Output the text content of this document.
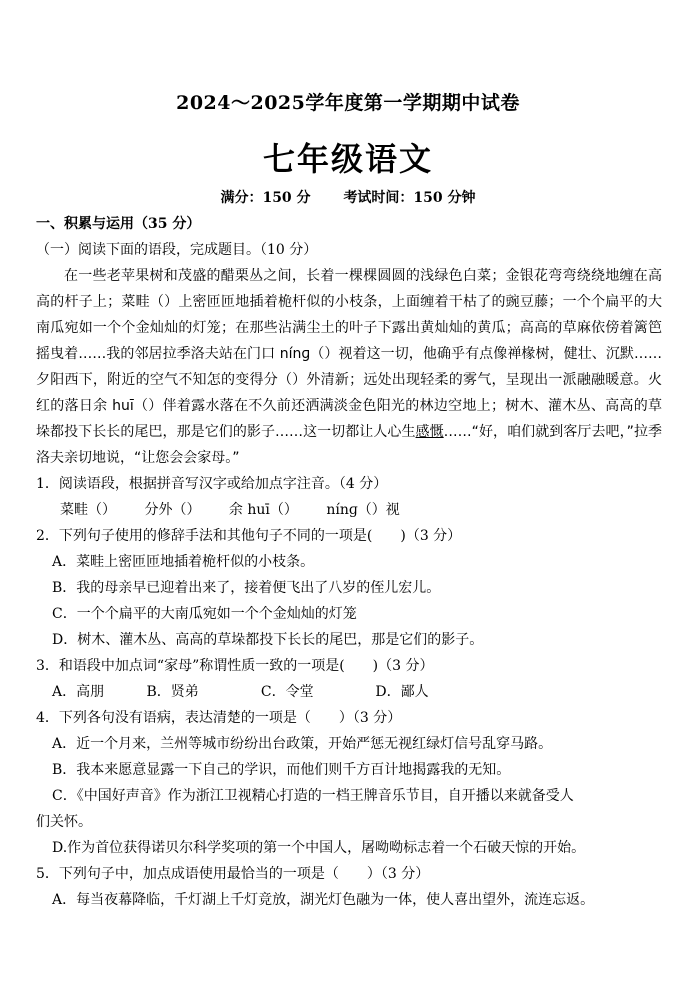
2024～2025学年度第一学期期中试卷
七年级语文
满分：150 分 考试时间：150 分钟

一、积累与运用（35 分）

（一）阅读下面的语段，完成题目。（10 分）

在一些老苹果树和茂盛的醋栗丛之间，长着一棵棵圆圆的浅绿色白菜；金银花弯弯绕绕地缠在高高的杆子上；菜畦（）上密匝匝地插着桅杆似的小枝条，上面缠着干枯了的豌豆藤；一个个扁平的大南瓜宛如一个个金灿灿的灯笼；在那些沾满尘土的叶子下露出黄灿灿的黄瓜；高高的草麻依傍着篱笆摇曳着……我的邻居拉季洛夫站在门口 nínɡ（）视着这一切，他确乎有点像禅椽树，健壮、沉默……夕阳西下，附近的空气不知怎的变得分（）外清新；远处出现轻柔的雾气，呈现出一派融融暖意。火红的落日余 huī（）伴着露水落在不久前还洒满淡金色阳光的林边空地上；树木、灌木丛、高高的草垛都投下长长的尾巴，那是它们的影子……这一切都让人心生感慨……“好，咱们就到客厅去吧，”拉季洛夫亲切地说，“让您会会家母。”

1．阅读语段，根据拼音写汉字或给加点字注音。（4 分）

菜畦（） 分外（） 余 huī（） nínɡ（）视

2．下列句子使用的修辞手法和其他句子不同的一项是(　　)（3 分）

A．菜畦上密匝匝地插着桅杆似的小枝条。

B．我的母亲早已迎着出来了，接着便飞出了八岁的侄儿宏儿。

C．一个个扁平的大南瓜宛如一个个金灿灿的灯笼

D．树木、灌木丛、高高的草垛都投下长长的尾巴，那是它们的影子。

3．和语段中加点词“家母”称谓性质一致的一项是(　　)（3 分）

A．高朋	B．贤弟	C．令堂	D．鄙人

4．下列各句没有语病，表达清楚的一项是（　　）（3 分）

A．近一个月来，兰州等城市纷纷出台政策，开始严惩无视红绿灯信号乱穿马路。

B．我本来愿意显露一下自己的学识，而他们则千方百计地揭露我的无知。

C．《中国好声音》作为浙江卫视精心打造的一档王牌音乐节目，自开播以来就备受人

们关怀。

D.作为首位获得诺贝尔科学奖项的第一个中国人，屠呦呦标志着一个石破天惊的开始。

5．下列句子中，加点成语使用最恰当的一项是（　　）（3 分）

A．每当夜幕降临，千灯湖上千灯竞放，湖光灯色融为一体，使人喜出望外，流连忘返。
